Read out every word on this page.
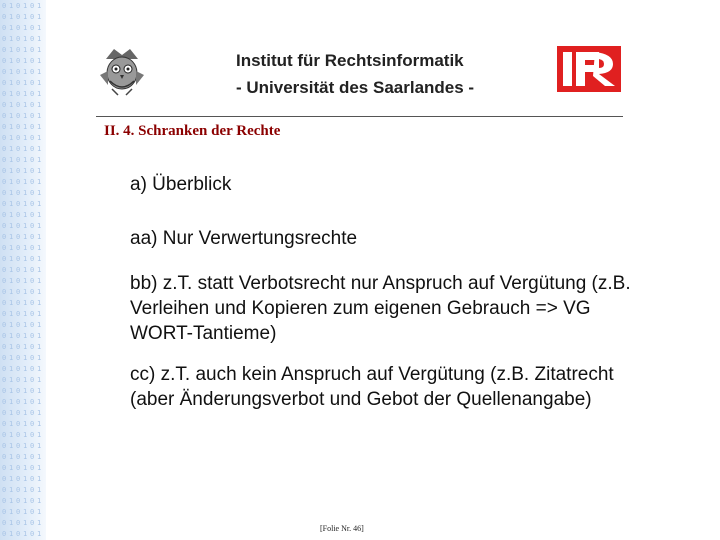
0 1 0 1 0 1
0 1 0 1 0 1
0 1 0 1 0 1
0 1 0 1 0 1
0 1 0 1 0 1
0 1 0 1 0 1
0 1 0 1 0 1
0 1 0 1 0 1
0 1 0 1 0 1
0 1 0 1 0 1
0 1 0 1 0 1
0 1 0 1 0 1
0 1 0 1 0 1
0 1 0 1 0 1
0 1 0 1 0 1
0 1 0 1 0 1
0 1 0 1 0 1
0 1 0 1 0 1
0 1 0 1 0 1
0 1 0 1 0 1
0 1 0 1 0 1
0 1 0 1 0 1
0 1 0 1 0 1
0 1 0 1 0 1
0 1 0 1 0 1
0 1 0 1 0 1
0 1 0 1 0 1
0 1 0 1 0 1
0 1 0 1 0 1
0 1 0 1 0 1
0 1 0 1 0 1
0 1 0 1 0 1
0 1 0 1 0 1
0 1 0 1 0 1
0 1 0 1 0 1
0 1 0 1 0 1
0 1 0 1 0 1
0 1 0 1 0 1
0 1 0 1 0 1
0 1 0 1 0 1
0 1 0 1 0 1
0 1 0 1 0 1
0 1 0 1 0 1
0 1 0 1 0 1
0 1 0 1 0 1
0 1 0 1 0 1
0 1 0 1 0 1
0 1 0 1 0 1
0 1 0 1 0 1
Institut für Rechtsinformatik
- Universität des Saarlandes -
II. 4. Schranken der Rechte

a) Überblick

aa) Nur Verwertungsrechte

bb) z.T. statt Verbotsrecht nur Anspruch auf Vergütung (z.B. Verleihen und Kopieren zum eigenen Gebrauch => VG WORT-Tantieme)

cc) z.T. auch kein Anspruch auf Vergütung (z.B. Zitatrecht (aber Änderungsverbot und Gebot der Quellenangabe)

[Folie Nr. 46]
